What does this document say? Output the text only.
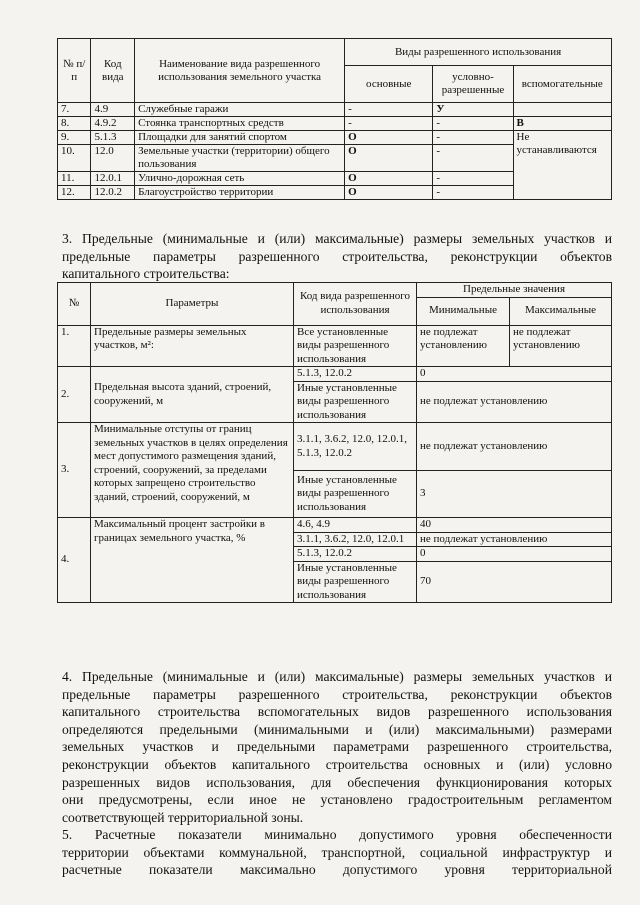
№ п/п	Код вида	Наименование вида разрешенного использования земельного участка	Виды разрешенного использования		
			основные	условно-разрешенные	вспомогательные
7.	4.9	Служебные гаражи	-	У	
8.	4.9.2	Стоянка транспортных средств	-	-	В
9.	5.1.3	Площадки для занятий спортом	О	-	Не устанавливаются
10.	12.0	Земельные участки (территории) общего пользования	О	-	
11.	12.0.1	Улично-дорожная сеть	О	-	
12.	12.0.2	Благоустройство территории	О	-	
3. Предельные (минимальные и (или) максимальные) размеры земельных участков и
предельные параметры разрешенного строительства, реконструкции объектов
капитального строительства:
№	Параметры	Код вида разрешенного использования	Предельные значения	
			Минимальные	Максимальные
1.	Предельные размеры земельных участков, м²:	Все установленные виды разрешенного использования	не подлежат установлению	не подлежат установлению
2.	Предельная высота зданий, строений, сооружений, м	5.1.3, 12.0.2	0	
		Иные установленные виды разрешенного использования	не подлежат установлению	
3.	Минимальные отступы от границ земельных участков в целях определения мест допустимого размещения зданий, строений, сооружений, за пределами которых запрещено строительство зданий, строений, сооружений, м	3.1.1, 3.6.2, 12.0, 12.0.1, 5.1.3, 12.0.2	не подлежат установлению	
		Иные установленные виды разрешенного использования	3	
4.	Максимальный процент застройки в границах земельного участка, %	4.6, 4.9	40	
		3.1.1, 3.6.2, 12.0, 12.0.1	не подлежат установлению	
		5.1.3, 12.0.2	0	
		Иные установленные виды разрешенного использования	70	
4. Предельные (минимальные и (или) максимальные) размеры земельных участков и
предельные параметры разрешенного строительства, реконструкции объектов
капитального строительства вспомогательных видов разрешенного использования
определяются предельными (минимальными и (или) максимальными) размерами
земельных участков и предельными параметрами разрешенного строительства,
реконструкции объектов капитального строительства основных и (или) условно
разрешенных видов использования, для обеспечения функционирования которых
они предусмотрены, если иное не установлено градостроительным регламентом
соответствующей территориальной зоны.
5. Расчетные показатели минимально допустимого уровня обеспеченности
территории объектами коммунальной, транспортной, социальной инфраструктур и
расчетные показатели максимально допустимого уровня территориальной
